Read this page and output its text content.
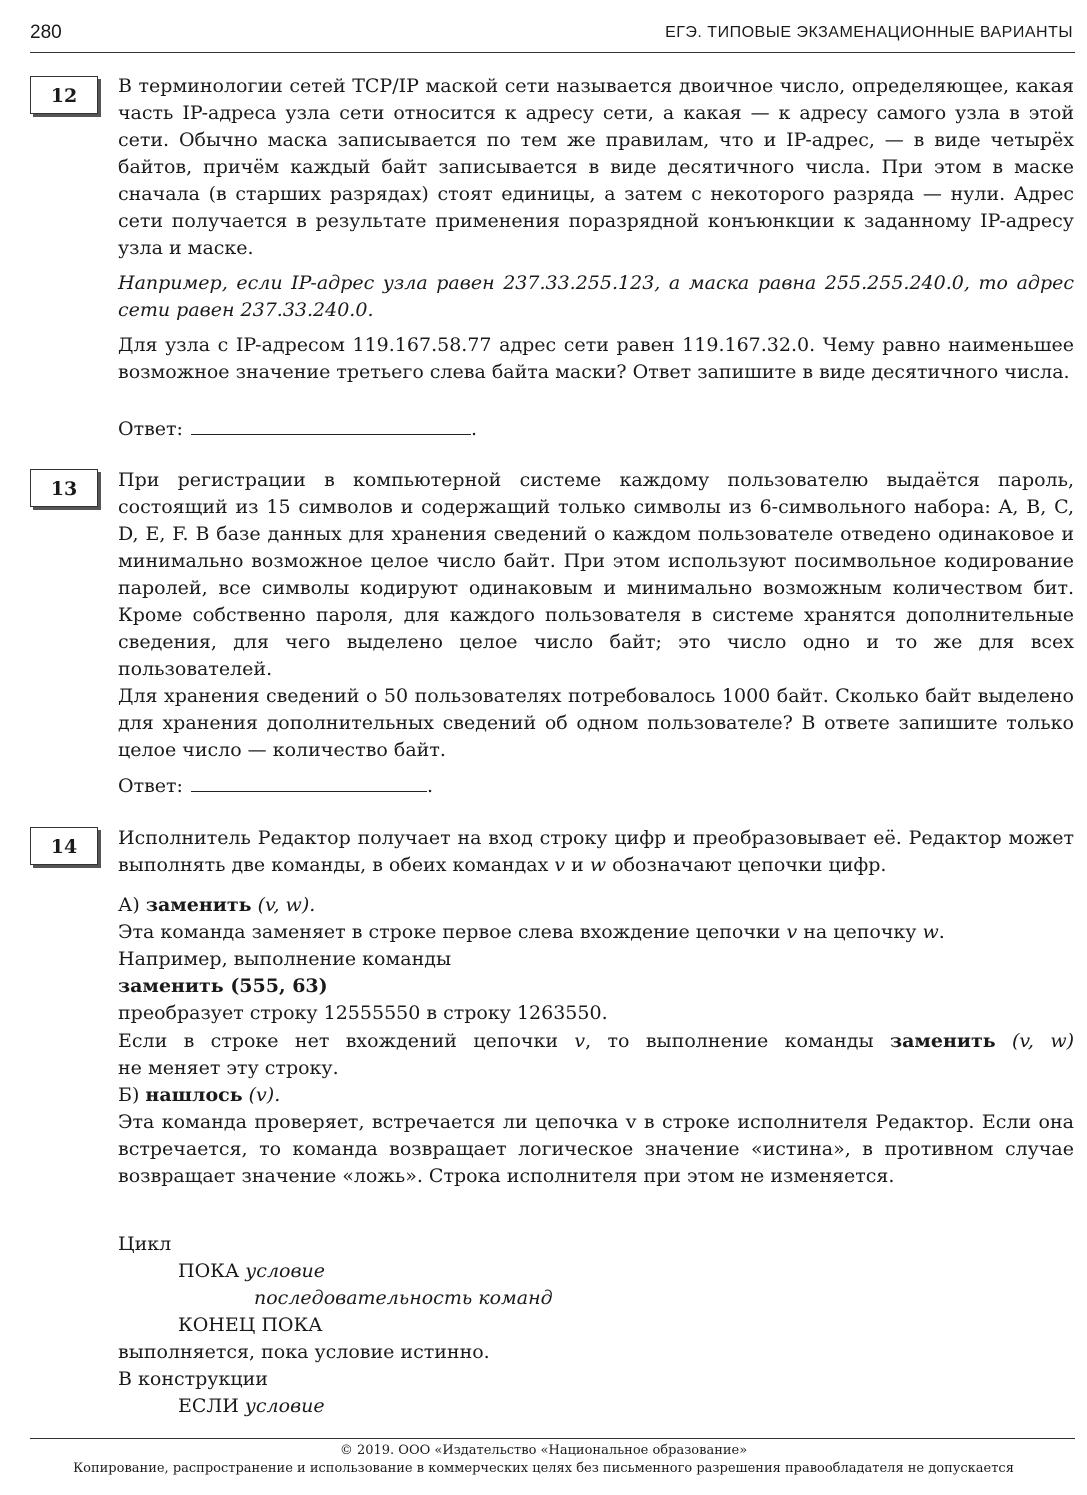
280	ЕГЭ. ТИПОВЫЕ ЭКЗАМЕНАЦИОННЫЕ ВАРИАНТЫ
12	В терминологии сетей TCP/IP маской сети называется двоичное число, определяющее, какая часть IP-адреса узла сети относится к адресу сети, а какая — к адресу самого узла в этой сети. Обычно маска записывается по тем же правилам, что и IP-адрес, — в виде четырёх байтов, причём каждый байт записывается в виде десятичного числа. При этом в маске сначала (в старших разрядах) стоят единицы, а затем с некоторого разряда — нули. Адрес сети получается в результате применения поразрядной конъюнкции к заданному IP-адресу узла и маске.

Например, если IP-адрес узла равен 237.33.255.123, а маска равна 255.255.240.0, то адрес сети равен 237.33.240.0.

Для узла с IP-адресом 119.167.58.77 адрес сети равен 119.167.32.0. Чему равно наименьшее возможное значение третьего слева байта маски? Ответ запишите в виде десятичного числа.

Ответ:	.
13	При регистрации в компьютерной системе каждому пользователю выдаётся пароль, состоящий из 15 символов и содержащий только символы из 6-символьного набора: A, B, C, D, E, F. В базе данных для хранения сведений о каждом пользователе отведено одинаковое и минимально возможное целое число байт. При этом используют посимвольное кодирование паролей, все символы кодируют одинаковым и минимально возможным количеством бит. Кроме собственно пароля, для каждого пользователя в системе хранятся дополнительные сведения, для чего выделено целое число байт; это число одно и то же для всех пользователей.

Для хранения сведений о 50 пользователях потребовалось 1000 байт. Сколько байт выделено для хранения дополнительных сведений об одном пользователе? В ответе запишите только целое число — количество байт.

Ответ:	.
14	Исполнитель Редактор получает на вход строку цифр и преобразовывает её. Редактор может выполнять две команды, в обеих командах v и w обозначают цепочки цифр.

А) заменить (v, w).
Эта команда заменяет в строке первое слева вхождение цепочки v на цепочку w.
Например, выполнение команды
заменить (555, 63)
преобразует строку 12555550 в строку 1263550.

Если в строке нет вхождений цепочки v, то выполнение команды заменить (v, w)

не меняет эту строку.
Б) нашлось (v).

Эта команда проверяет, встречается ли цепочка v в строке исполнителя Редактор. Если она встречается, то команда возвращает логическое значение «истина», в противном случае возвращает значение «ложь». Строка исполнителя при этом не изменяется.

Цикл
ПОКА условие
последовательность команд
КОНЕЦ ПОКА
выполняется, пока условие истинно.
В конструкции
ЕСЛИ условие
© 2019. ООО «Издательство «Национальное образование»
Копирование, распространение и использование в коммерческих целях без письменного разрешения правообладателя не допускается
